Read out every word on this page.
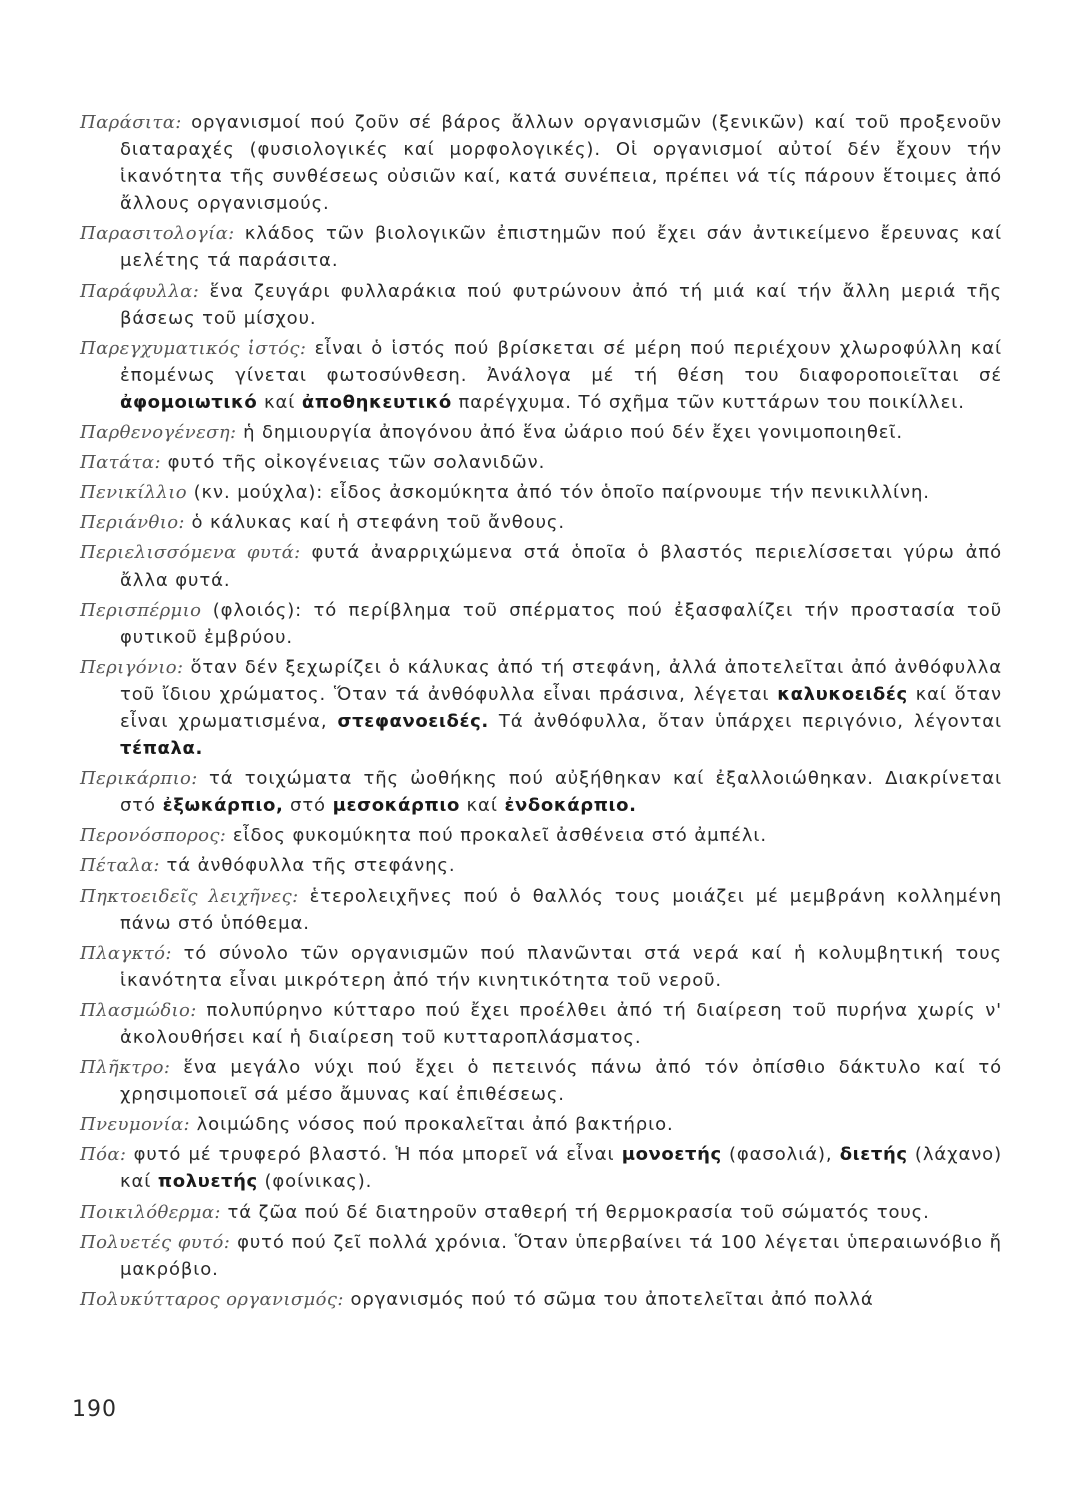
Παράσιτα: οργανισμοί πού ζοῦν σέ βάρος ἄλλων οργανισμῶν (ξενικῶν) καί τοῦ προξενοῦν διαταραχές (φυσιολογικές καί μορφολογικές). Οἱ οργανισμοί αὐτοί δέν ἔχουν τήν ἱκανότητα τῆς συνθέσεως οὐσιῶν καί, κατά συνέπεια, πρέπει νά τίς πάρουν ἕτοιμες ἀπό ἄλλους οργανισμούς.

Παρασιτολογία: κλάδος τῶν βιολογικῶν ἐπιστημῶν πού ἔχει σάν ἀντικείμενο ἔρευνας καί μελέτης τά παράσιτα.

Παράφυλλα: ἕνα ζευγάρι φυλλαράκια πού φυτρώνουν ἀπό τή μιά καί τήν ἄλλη μεριά τῆς βάσεως τοῦ μίσχου.

Παρεγχυματικός ἱστός: εἶναι ὁ ἱστός πού βρίσκεται σέ μέρη πού περιέχουν χλωροφύλλη καί ἐπομένως γίνεται φωτοσύνθεση. Ἀνάλογα μέ τή θέση του διαφοροποιεῖται σέ ἀφομοιωτικό καί ἀποθηκευτικό παρέγχυμα. Τό σχῆμα τῶν κυττάρων του ποικίλλει.

Παρθενογένεση: ἡ δημιουργία ἀπογόνου ἀπό ἕνα ὠάριο πού δέν ἔχει γονιμοποιηθεῖ.

Πατάτα: φυτό τῆς οἰκογένειας τῶν σολανιδῶν.

Πενικίλλιο (κν. μούχλα): εἶδος ἀσκομύκητα ἀπό τόν ὁποῖο παίρνουμε τήν πενικιλλίνη.

Περιάνθιο: ὁ κάλυκας καί ἡ στεφάνη τοῦ ἄνθους.

Περιελισσόμενα φυτά: φυτά ἀναρριχώμενα στά ὁποῖα ὁ βλαστός περιελίσσεται γύρω ἀπό ἄλλα φυτά.

Περισπέρμιο (φλοιός): τό περίβλημα τοῦ σπέρματος πού ἐξασφαλίζει τήν προστασία τοῦ φυτικοῦ ἐμβρύου.

Περιγόνιο: ὅταν δέν ξεχωρίζει ὁ κάλυκας ἀπό τή στεφάνη, ἀλλά ἀποτελεῖται ἀπό ἀνθόφυλλα τοῦ ἴδιου χρώματος. Ὅταν τά ἀνθόφυλλα εἶναι πράσινα, λέγεται καλυκοειδές καί ὅταν εἶναι χρωματισμένα, στεφανοειδές. Τά ἀνθόφυλλα, ὅταν ὑπάρχει περιγόνιο, λέγονται τέπαλα.

Περικάρπιο: τά τοιχώματα τῆς ὠοθήκης πού αὐξήθηκαν καί ἐξαλλοιώθηκαν. Διακρίνεται στό ἐξωκάρπιο, στό μεσοκάρπιο καί ἐνδοκάρπιο.

Περονόσπορος: εἶδος φυκομύκητα πού προκαλεῖ ἀσθένεια στό ἀμπέλι.

Πέταλα: τά ἀνθόφυλλα τῆς στεφάνης.

Πηκτοειδεῖς λειχῆνες: ἑτερολειχῆνες πού ὁ θαλλός τους μοιάζει μέ μεμβράνη κολλημένη πάνω στό ὑπόθεμα.

Πλαγκτό: τό σύνολο τῶν οργανισμῶν πού πλανῶνται στά νερά καί ἡ κολυμβητική τους ἱκανότητα εἶναι μικρότερη ἀπό τήν κινητικότητα τοῦ νεροῦ.

Πλασμώδιο: πολυπύρηνο κύτταρο πού ἔχει προέλθει ἀπό τή διαίρεση τοῦ πυρήνα χωρίς ν' ἀκολουθήσει καί ἡ διαίρεση τοῦ κυτταροπλάσματος.

Πλῆκτρο: ἕνα μεγάλο νύχι πού ἔχει ὁ πετεινός πάνω ἀπό τόν ὀπίσθιο δάκτυλο καί τό χρησιμοποιεῖ σά μέσο ἄμυνας καί ἐπιθέσεως.

Πνευμονία: λοιμώδης νόσος πού προκαλεῖται ἀπό βακτήριο.

Πόα: φυτό μέ τρυφερό βλαστό. Ἡ πόα μπορεῖ νά εἶναι μονοετής (φασολιά), διετής (λάχανο) καί πολυετής (φοίνικας).

Ποικιλόθερμα: τά ζῶα πού δέ διατηροῦν σταθερή τή θερμοκρασία τοῦ σώματός τους.

Πολυετές φυτό: φυτό πού ζεῖ πολλά χρόνια. Ὅταν ὑπερβαίνει τά 100 λέγεται ὑπεραιωνόβιο ἤ μακρόβιο.

Πολυκύτταρος οργανισμός: οργανισμός πού τό σῶμα του ἀποτελεῖται ἀπό πολλά

190
